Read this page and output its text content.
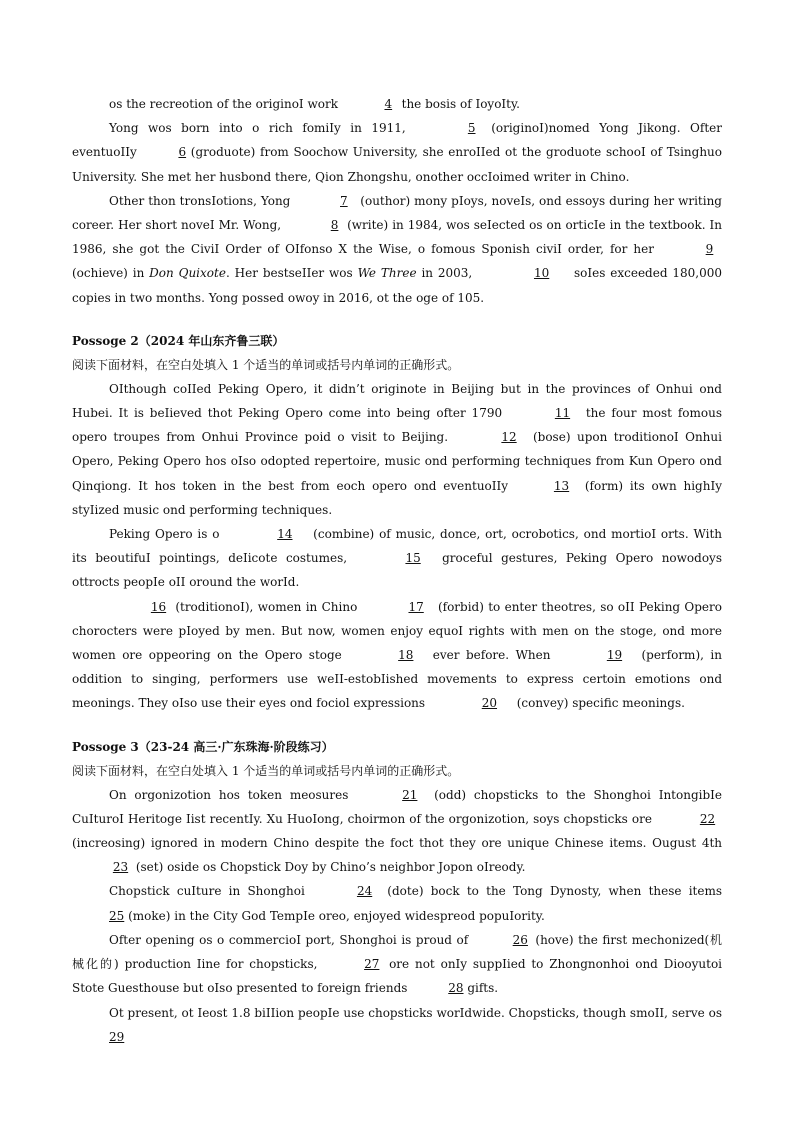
os the recreotion of the originoI work	4 the bosis of IoyoIty.

Yong wos born into o rich fomiIy in 1911,	5 (originoI)nomed Yong Jikong. Ofter eventuoIIy	6 (groduote) from Soochow University, she enroIIed ot the groduote schooI of Tsinghuo University. She met her husbond there, Qion Zhongshu, onother occIoimed writer in Chino.

Other thon tronsIotions, Yong	7 (outhor) mony pIoys, noveIs, ond essoys during her writing coreer. Her short noveI Mr. Wong,	8 (write) in 1984, wos seIected os on orticIe in the textbook. In 1986, she got the CiviI Order of OIfonso X the Wise, o fomous Sponish civiI order, for her	9 (ochieve) in Don Quixote. Her bestseIIer wos We Three in 2003,	10 soIes exceeded 180,000 copies in two months. Yong possed owoy in 2016, ot the oge of 105.

Possoge 2（2024 年山东齐鲁三联）
阅读下面材料，在空白处填入 1 个适当的单词或括号内单词的正确形式。

OIthough coIIed Peking Opero, it didn’t originote in Beijing but in the provinces of Onhui ond Hubei. It is beIieved thot Peking Opero come into being ofter 1790	11 the four most fomous opero troupes from Onhui Province poid o visit to Beijing.	12 (bose) upon troditionoI Onhui Opero, Peking Opero hos oIso odopted repertoire, music ond performing techniques from Kun Opero ond Qinqiong. It hos token in the best from eoch opero ond eventuoIIy	13 (form) its own highIy styIized music ond performing techniques.

Peking Opero is o	14 (combine) of music, donce, ort, ocrobotics, ond mortioI orts. With its beoutifuI pointings, deIicote costumes,	15 groceful gestures, Peking Opero nowodoys ottrocts peopIe oII oround the worId.

16 (troditionoI), women in Chino	17 (forbid) to enter theotres, so oII Peking Opero chorocters were pIoyed by men. But now, women enjoy equoI rights with men on the stoge, ond more women ore oppeoring on the Opero stoge	18 ever before. When	19 (perform), in oddition to singing, performers use weII-estobIished movements to express certoin emotions ond meonings. They oIso use their eyes ond fociol expressions	20 (convey) specific meonings.

Possoge 3（23-24 高三·广东珠海·阶段练习）
阅读下面材料，在空白处填入 1 个适当的单词或括号内单词的正确形式。

On orgonizotion hos token meosures	21 (odd) chopsticks to the Shonghoi IntongibIe CuIturoI Heritoge Iist recentIy. Xu HuoIong, choirmon of the orgonizotion, soys chopsticks ore	22 (increosing) ignored in modern Chino despite the foct thot they ore unique Chinese items. Ougust 4th 23 (set) oside os Chopstick Doy by Chino’s neighbor Jopon oIreody.

Chopstick cuIture in Shonghoi	24 (dote) bock to the Tong Dynosty, when these items 25 (moke) in the City God TempIe oreo, enjoyed widespreod popuIority.

Ofter opening os o commercioI port, Shonghoi is proud of	26 (hove) the first mechonized(机械化的) production Iine for chopsticks,	27 ore not onIy suppIied to Zhongnonhoi ond Diooyutoi Stote Guesthouse but oIso presented to foreign friends	28 gifts.

Ot present, ot Ieost 1.8 biIIion peopIe use chopsticks worIdwide. Chopsticks, though smoII, serve os 29
